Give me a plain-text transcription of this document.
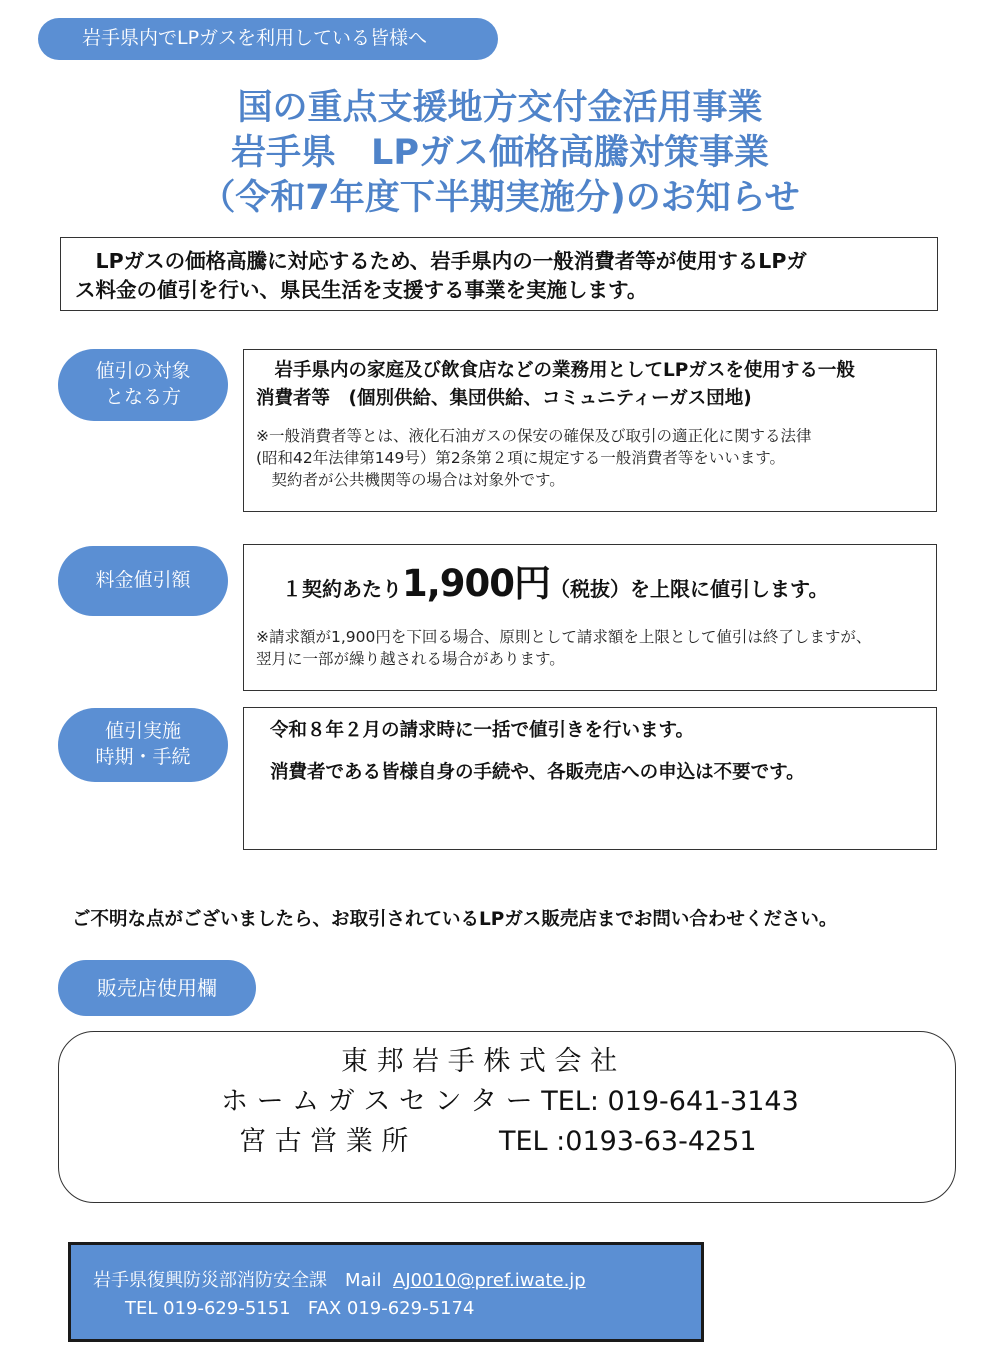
岩手県内でLPガスを利用している皆様へ
国の重点支援地方交付金活用事業
岩手県　LPガス価格高騰対策事業
（令和7年度下半期実施分)のお知らせ
　LPガスの価格高騰に対応するため、岩手県内の一般消費者等が使用するLPガ
ス料金の値引を行い、県民生活を支援する事業を実施します。
値引の対象
となる方
　岩手県内の家庭及び飲食店などの業務用としてLPガスを使用する一般
消費者等　(個別供給、集団供給、コミュニティーガス団地)
※一般消費者等とは、液化石油ガスの保安の確保及び取引の適正化に関する法律
(昭和42年法律第149号）第2条第２項に規定する一般消費者等をいいます。
　契約者が公共機関等の場合は対象外です。
料金値引額	１契約あたり1,900円（税抜）を上限に値引します。
※請求額が1,900円を下回る場合、原則として請求額を上限として値引は終了しますが、
翌月に一部が繰り越される場合があります。
値引実施
時期・手続
令和８年２月の請求時に一括で値引きを行います。
消費者である皆様自身の手続や、各販売店への申込は不要です。
ご不明な点がございましたら、お取引されているLPガス販売店までお問い合わせください。
販売店使用欄
東 邦 岩 手 株 式 会 社
ホ ー ム ガ ス セ ン タ ー TEL: 019-641-3143
宮 古 営 業 所	TEL :0193-63-4251
岩手県復興防災部消防安全課　 Mail AJ0010@pref.iwate.jp
TEL 019-629-5151 FAX 019-629-5174
